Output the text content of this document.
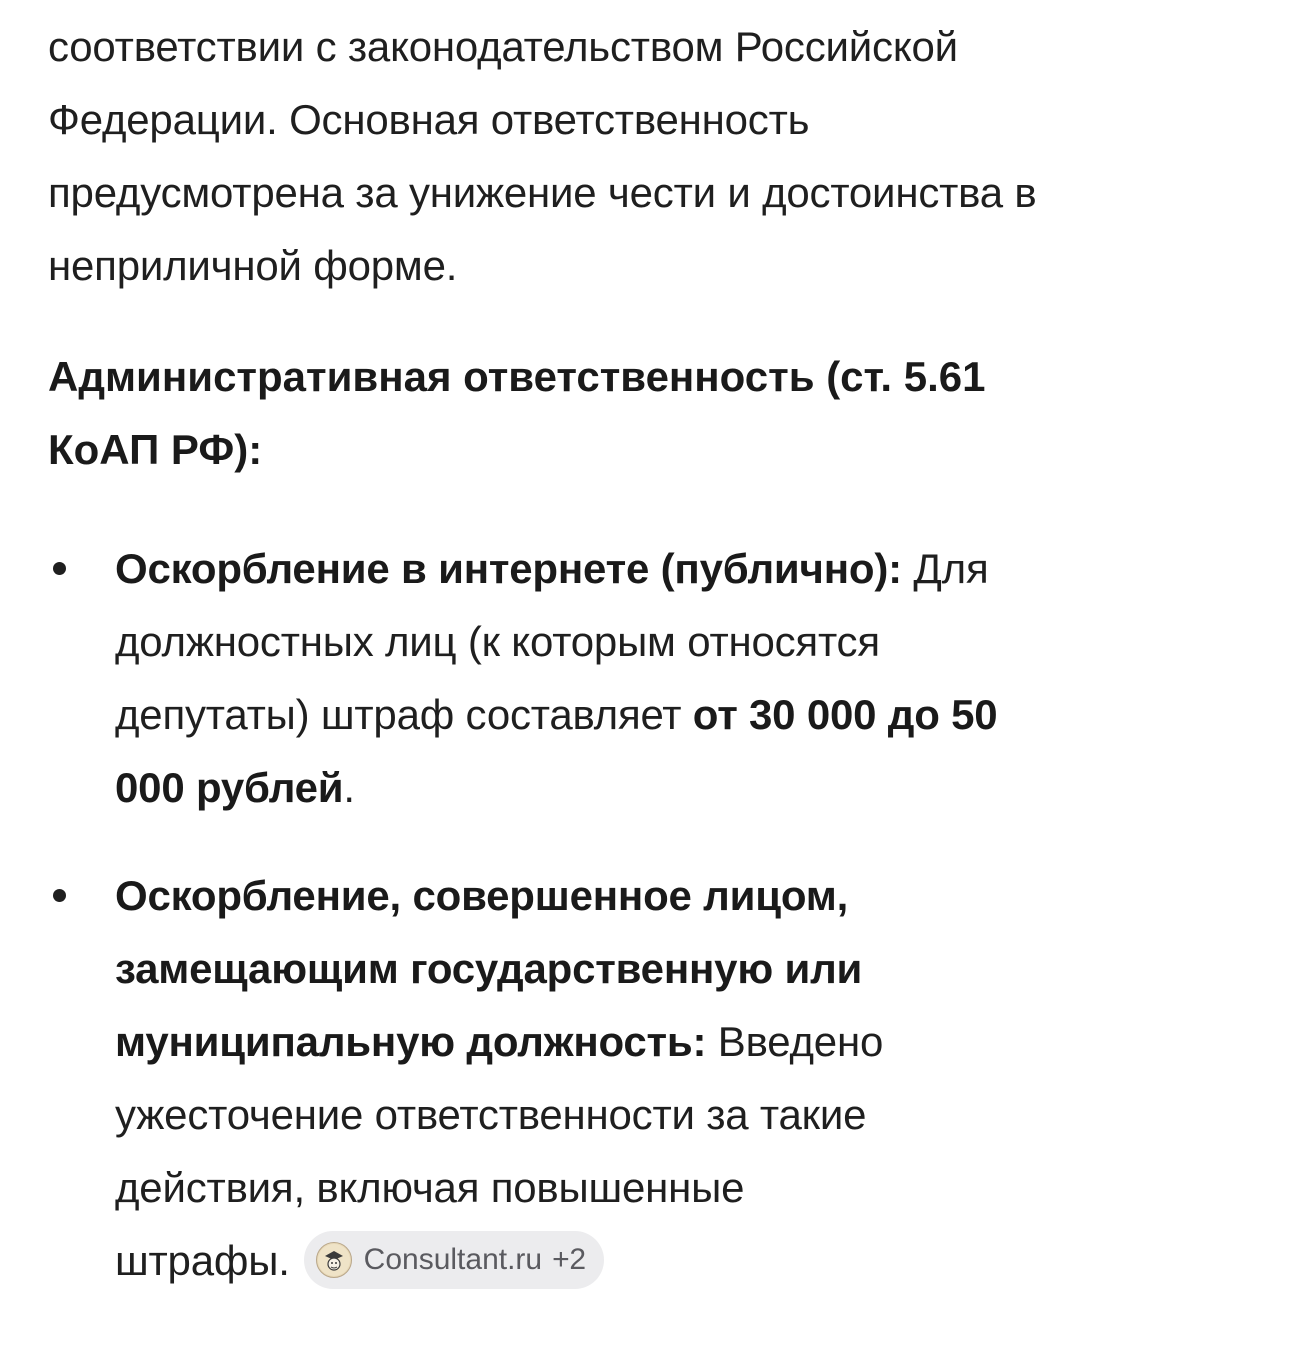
соответствии с законодательством Российской
Федерации. Основная ответственность
предусмотрена за унижение чести и достоинства в
неприличной форме.
Административная ответственность (ст. 5.61
КоАП РФ):
Оскорбление в интернете (публично): Для
должностных лиц (к которым относятся
депутаты) штраф составляет от 30 000 до 50
000 рублей.
Оскорбление, совершенное лицом,
замещающим государственную или
муниципальную должность: Введено
ужесточение ответственности за такие
действия, включая повышенные
штрафы. Consultant.ru +2
